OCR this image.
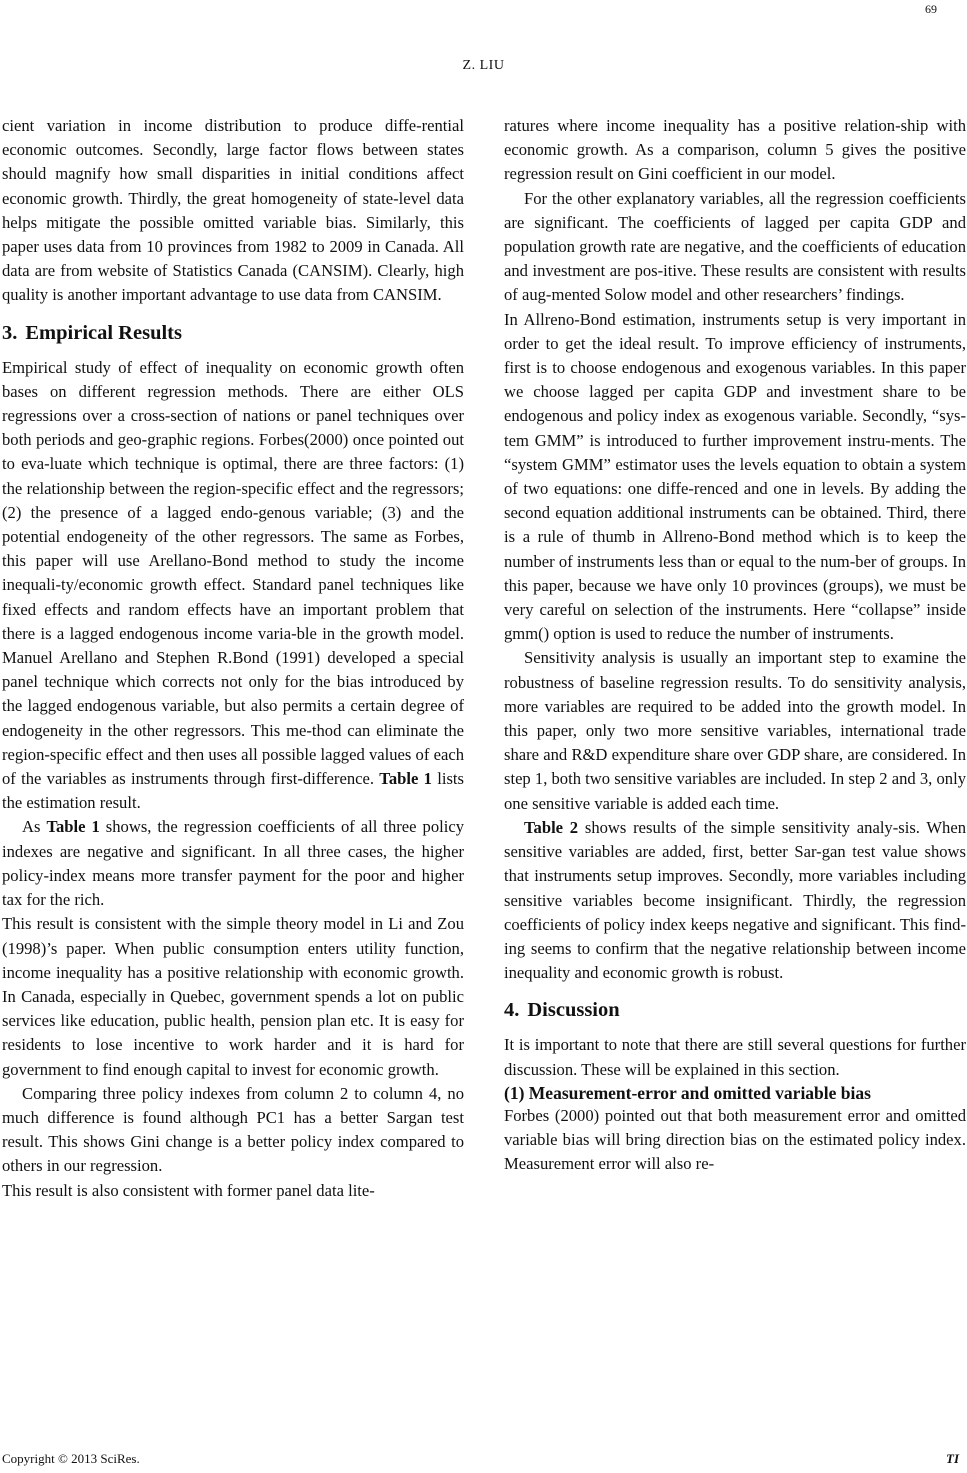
69
Z. LIU

cient variation in income distribution to produce diffe-rential economic outcomes. Secondly, large factor flows between states should magnify how small disparities in initial conditions affect economic growth. Thirdly, the great homogeneity of state-level data helps mitigate the possible omitted variable bias. Similarly, this paper uses data from 10 provinces from 1982 to 2009 in Canada. All data are from website of Statistics Canada (CANSIM). Clearly, high quality is another important advantage to use data from CANSIM.

3. Empirical Results

Empirical study of effect of inequality on economic growth often bases on different regression methods. There are either OLS regressions over a cross-section of nations or panel techniques over both periods and geo-graphic regions. Forbes(2000) once pointed out to eva-luate which technique is optimal, there are three factors: (1) the relationship between the region-specific effect and the regressors; (2) the presence of a lagged endo-genous variable; (3) and the potential endogeneity of the other regressors. The same as Forbes, this paper will use Arellano-Bond method to study the income inequali-ty/economic growth effect. Standard panel techniques like fixed effects and random effects have an important problem that there is a lagged endogenous income varia-ble in the growth model. Manuel Arellano and Stephen R.Bond (1991) developed a special panel technique which corrects not only for the bias introduced by the lagged endogenous variable, but also permits a certain degree of endogeneity in the other regressors. This me-thod can eliminate the region-specific effect and then uses all possible lagged values of each of the variables as instruments through first-difference. Table 1 lists the estimation result.

As Table 1 shows, the regression coefficients of all three policy indexes are negative and significant. In all three cases, the higher policy-index means more transfer payment for the poor and higher tax for the rich.

This result is consistent with the simple theory model in Li and Zou (1998)’s paper. When public consumption enters utility function, income inequality has a positive relationship with economic growth. In Canada, especially in Quebec, government spends a lot on public services like education, public health, pension plan etc. It is easy for residents to lose incentive to work harder and it is hard for government to find enough capital to invest for economic growth.

Comparing three policy indexes from column 2 to column 4, no much difference is found although PC1 has a better Sargan test result. This shows Gini change is a better policy index compared to others in our regression.

This result is also consistent with former panel data lite-

ratures where income inequality has a positive relation-ship with economic growth. As a comparison, column 5 gives the positive regression result on Gini coefficient in our model.

For the other explanatory variables, all the regression coefficients are significant. The coefficients of lagged per capita GDP and population growth rate are negative, and the coefficients of education and investment are pos-itive. These results are consistent with results of aug-mented Solow model and other researchers’ findings.

In Allreno-Bond estimation, instruments setup is very important in order to get the ideal result. To improve efficiency of instruments, first is to choose endogenous and exogenous variables. In this paper we choose lagged per capita GDP and investment share to be endogenous and policy index as exogenous variable. Secondly, “sys-tem GMM” is introduced to further improvement instru-ments. The “system GMM” estimator uses the levels equation to obtain a system of two equations: one diffe-renced and one in levels. By adding the second equation additional instruments can be obtained. Third, there is a rule of thumb in Allreno-Bond method which is to keep the number of instruments less than or equal to the num-ber of groups. In this paper, because we have only 10 provinces (groups), we must be very careful on selection of the instruments. Here “collapse” inside gmm() option is used to reduce the number of instruments.

Sensitivity analysis is usually an important step to examine the robustness of baseline regression results. To do sensitivity analysis, more variables are required to be added into the growth model. In this paper, only two more sensitive variables, international trade share and R&D expenditure share over GDP share, are considered. In step 1, both two sensitive variables are included. In step 2 and 3, only one sensitive variable is added each time.

Table 2 shows results of the simple sensitivity analy-sis. When sensitive variables are added, first, better Sar-gan test value shows that instruments setup improves. Secondly, more variables including sensitive variables become insignificant. Thirdly, the regression coefficients of policy index keeps negative and significant. This find-ing seems to confirm that the negative relationship between income inequality and economic growth is robust.

4. Discussion

It is important to note that there are still several questions for further discussion. These will be explained in this section.

(1) Measurement-error and omitted variable bias

Forbes (2000) pointed out that both measurement error and omitted variable bias will bring direction bias on the estimated policy index. Measurement error will also re-

Copyright © 2013 SciRes.	TI
